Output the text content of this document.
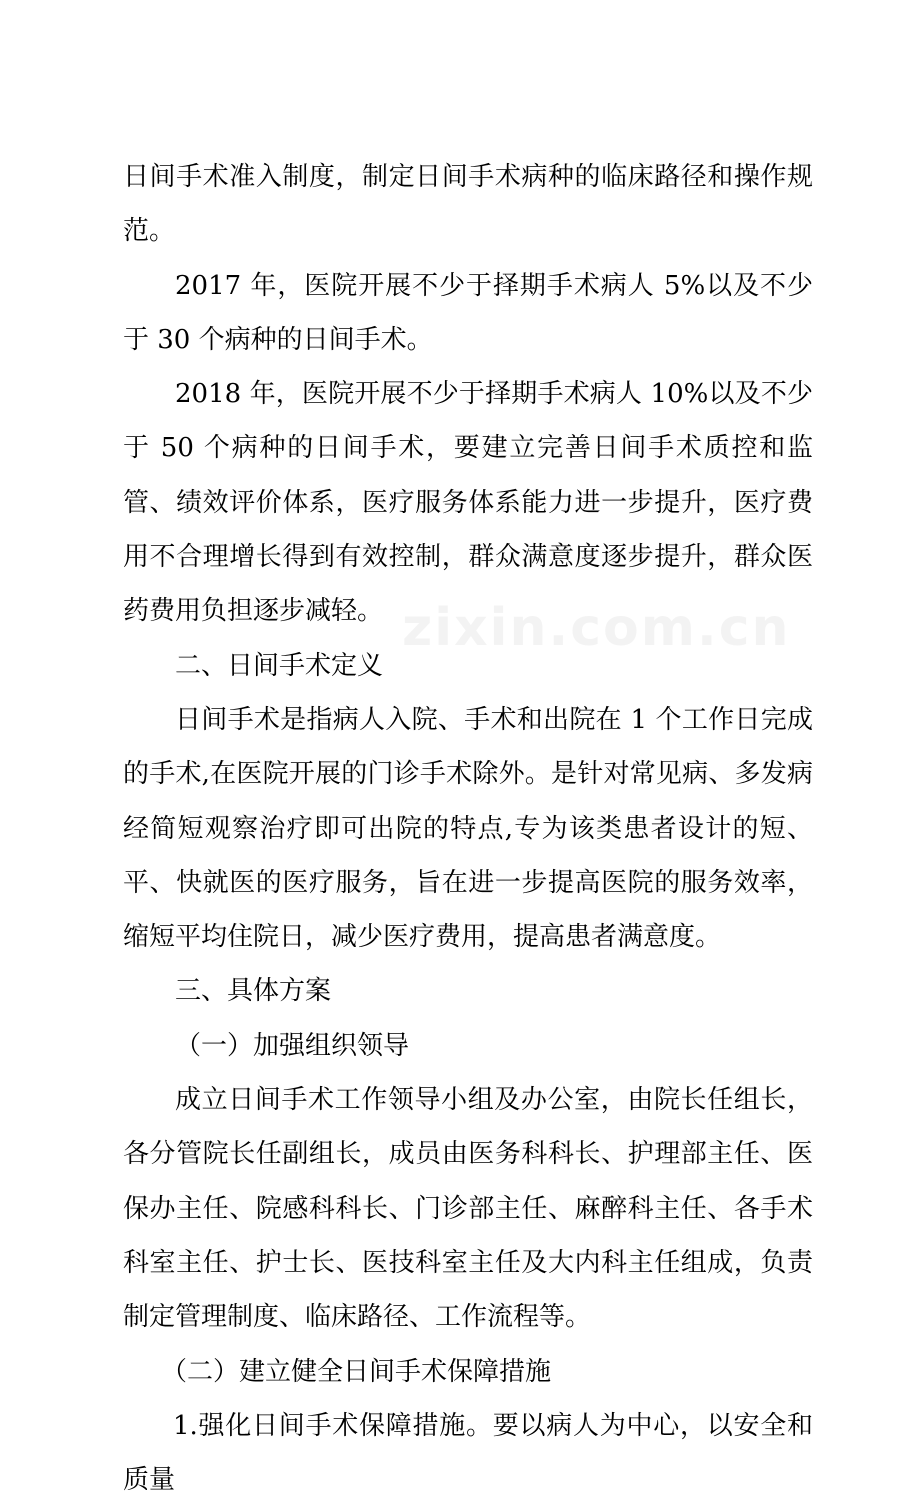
日间手术准入制度，制定日间手术病种的临床路径和操作规范。

2017 年，医院开展不少于择期手术病人 5%以及不少于 30 个病种的日间手术。

2018 年，医院开展不少于择期手术病人 10%以及不少于 50 个病种的日间手术，要建立完善日间手术质控和监管、绩效评价体系，医疗服务体系能力进一步提升，医疗费用不合理增长得到有效控制，群众满意度逐步提升，群众医药费用负担逐步减轻。

二、日间手术定义

日间手术是指病人入院、手术和出院在 1 个工作日完成的手术,在医院开展的门诊手术除外。是针对常见病、多发病经简短观察治疗即可出院的特点,专为该类患者设计的短、平、快就医的医疗服务，旨在进一步提高医院的服务效率，缩短平均住院日，减少医疗费用，提高患者满意度。

三、具体方案

（一）加强组织领导

成立日间手术工作领导小组及办公室，由院长任组长，各分管院长任副组长，成员由医务科科长、护理部主任、医保办主任、院感科科长、门诊部主任、麻醉科主任、各手术科室主任、护士长、医技科室主任及大内科主任组成，负责制定管理制度、临床路径、工作流程等。

（二）建立健全日间手术保障措施

1.强化日间手术保障措施。要以病人为中心，以安全和质量

zixin.com.cn
